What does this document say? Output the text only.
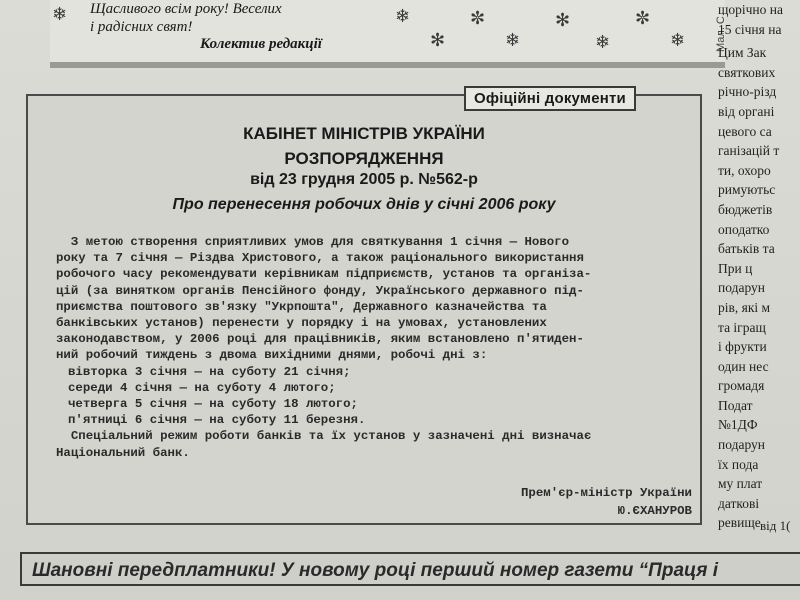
Щасливого всім року! Веселих
і радісних свят!
Колектив редакції
❄	❄
✻
✼
❄
✻
❄
✼
❄	Мал. С.
щорічно на
15 січня на
Цим Зак
святкових
річно-різд
від органі
цевого са
ганізацій т
ти, охоро
римуютьс
бюджетів
оподатко
батьків та
При ц
подарун
рів, які м
та ігращ
і фрукти
один нес
громадя
Подат
№1ДФ
подарун
їх пода
му плат
даткові
ревище
КАБІНЕТ МІНІСТРІВ УКРАЇНИ
РОЗПОРЯДЖЕННЯ
від 23 грудня 2005 р. №562-р
Про перенесення робочих днів у січні 2006 року
З метою створення сприятливих умов для святкування 1 січня — Нового
року та 7 січня — Різдва Христового, а також раціонального використання
робочого часу рекомендувати керівникам підприємств, установ та організа-
цій (за винятком органів Пенсійного фонду, Українського державного під-
приємства поштового зв'язку "Укрпошта", Державного казначейства та
банківських установ) перенести у порядку і на умовах, установлених
законодавством, у 2006 році для працівників, яким встановлено п'ятиден-
ний робочий тиждень з двома вихідними днями, робочі дні з:
вівторка 3 січня — на суботу 21 січня;
середи 4 січня — на суботу 4 лютого;
четверга 5 січня — на суботу 18 лютого;
п'ятниці 6 січня — на суботу 11 березня.
Спеціальний режим роботи банків та їх установ у зазначені дні визначає
Національний банк.
Прем'єр-міністр України
Ю.ЄХАНУРОВ
Офіційні документи
від 1(
Шановні передплатники! У новому році перший номер газети “Праця і
